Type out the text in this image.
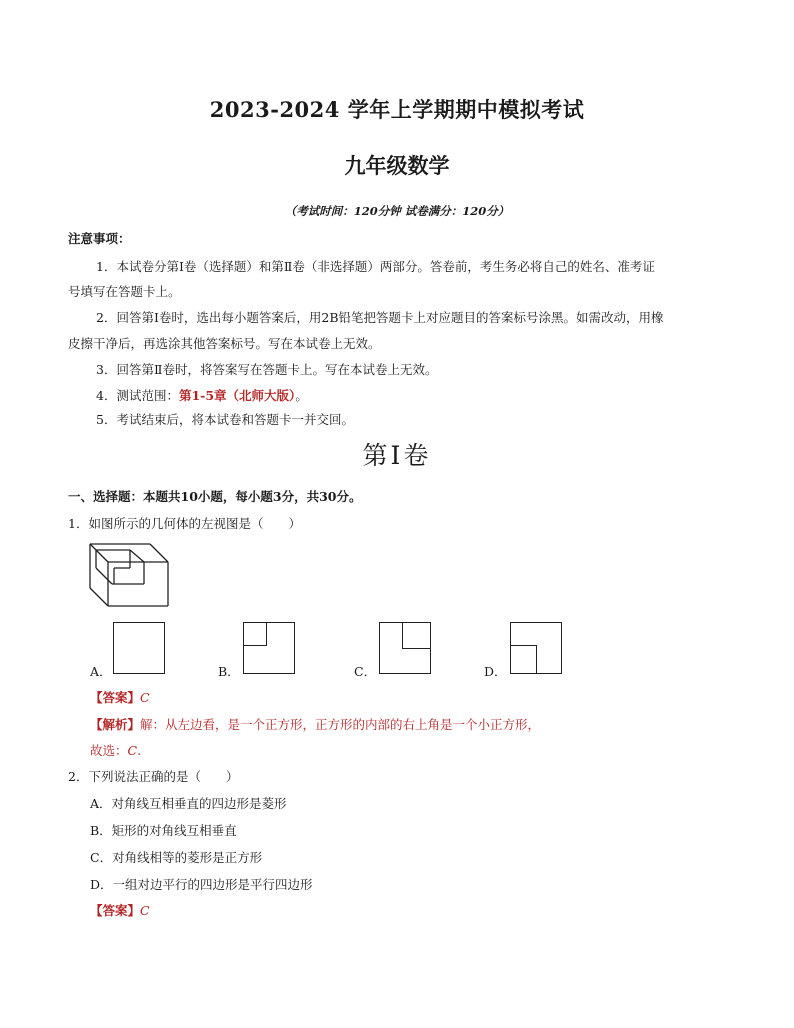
2023-2024 学年上学期期中模拟考试
九年级数学
（考试时间：120分钟 试卷满分：120分）
注意事项：
1．本试卷分第Ⅰ卷（选择题）和第Ⅱ卷（非选择题）两部分。答卷前，考生务必将自己的姓名、准考证
号填写在答题卡上。
2．回答第Ⅰ卷时，选出每小题答案后，用2B铅笔把答题卡上对应题目的答案标号涂黑。如需改动，用橡
皮擦干净后，再选涂其他答案标号。写在本试卷上无效。
3．回答第Ⅱ卷时，将答案写在答题卡上。写在本试卷上无效。
4．测试范围：第1-5章（北师大版）。
5．考试结束后，将本试卷和答题卡一并交回。
第Ⅰ卷
一、选择题：本题共10小题，每小题3分，共30分。
1．如图所示的几何体的左视图是（　　）
A．	B．	C．	D．
【答案】C
【解析】解：从左边看，是一个正方形，正方形的内部的右上角是一个小正方形，
故选：C.
2．下列说法正确的是（　　）
A．对角线互相垂直的四边形是菱形
B．矩形的对角线互相垂直
C．对角线相等的菱形是正方形
D．一组对边平行的四边形是平行四边形
【答案】C
